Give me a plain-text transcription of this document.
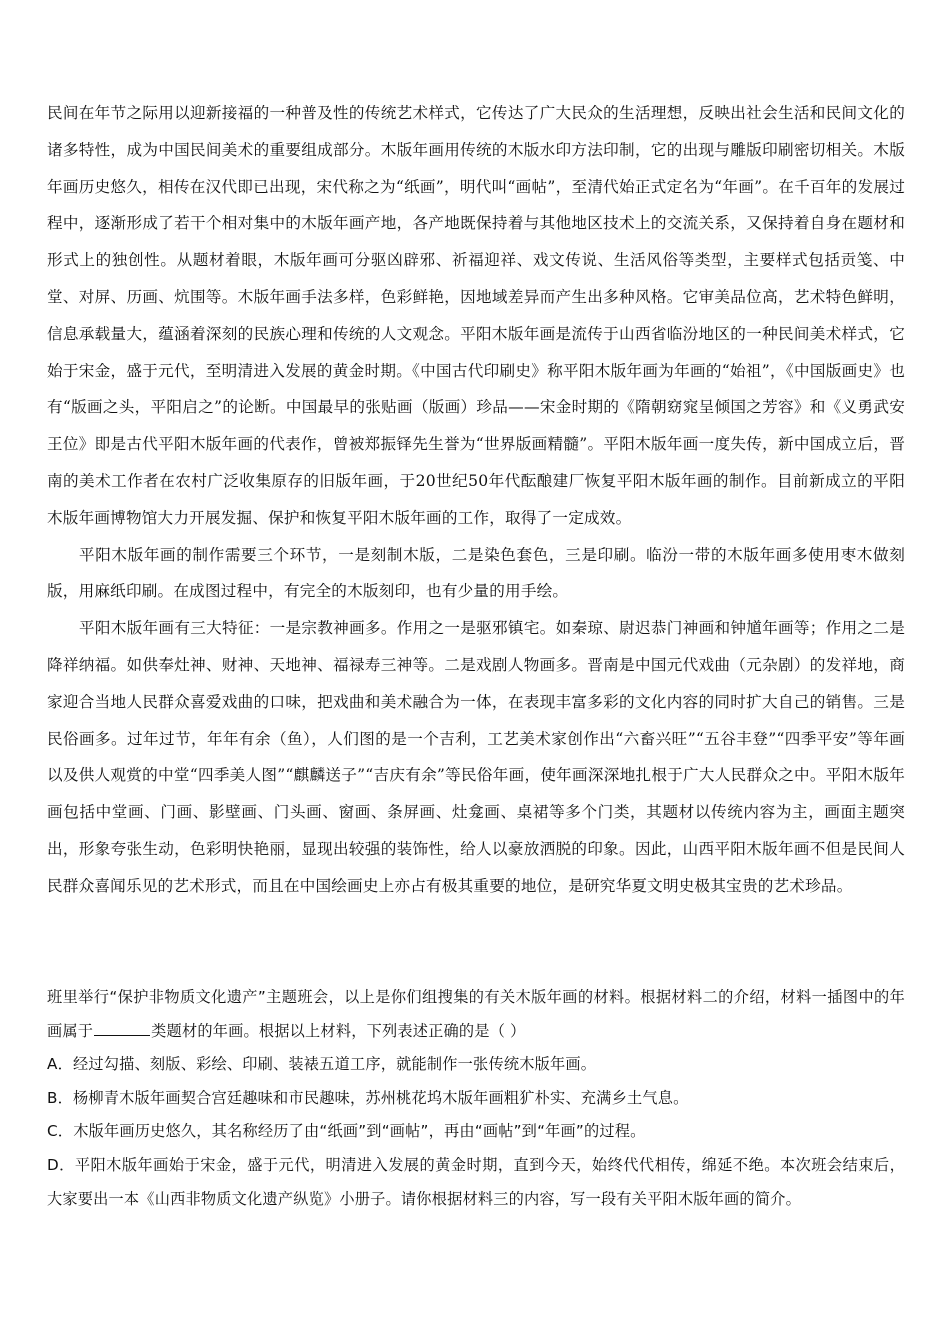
民间在年节之际用以迎新接福的一种普及性的传统艺术样式，它传达了广大民众的生活理想，反映出社会生活和民间文化的诸多特性，成为中国民间美术的重要组成部分。木版年画用传统的木版水印方法印制，它的出现与雕版印刷密切相关。木版年画历史悠久，相传在汉代即已出现，宋代称之为“纸画”，明代叫“画帖”，至清代始正式定名为“年画”。在千百年的发展过程中，逐渐形成了若干个相对集中的木版年画产地，各产地既保持着与其他地区技术上的交流关系，又保持着自身在题材和形式上的独创性。从题材着眼，木版年画可分驱凶辟邪、祈福迎祥、戏文传说、生活风俗等类型，主要样式包括贡笺、中堂、对屏、历画、炕围等。木版年画手法多样，色彩鲜艳，因地域差异而产生出多种风格。它审美品位高，艺术特色鲜明，信息承载量大，蕴涵着深刻的民族心理和传统的人文观念。平阳木版年画是流传于山西省临汾地区的一种民间美术样式，它始于宋金，盛于元代，至明清进入发展的黄金时期。《中国古代印刷史》称平阳木版年画为年画的“始祖”，《中国版画史》也有“版画之头，平阳启之”的论断。中国最早的张贴画（版画）珍品——宋金时期的《隋朝窈窕呈倾国之芳容》和《义勇武安王位》即是古代平阳木版年画的代表作，曾被郑振铎先生誉为“世界版画精髓”。平阳木版年画一度失传，新中国成立后，晋南的美术工作者在农村广泛收集原存的旧版年画，于20世纪50年代酝酿建厂恢复平阳木版年画的制作。目前新成立的平阳木版年画博物馆大力开展发掘、保护和恢复平阳木版年画的工作，取得了一定成效。

平阳木版年画的制作需要三个环节，一是刻制木版，二是染色套色，三是印刷。临汾一带的木版年画多使用枣木做刻版，用麻纸印刷。在成图过程中，有完全的木版刻印，也有少量的用手绘。

平阳木版年画有三大特征：一是宗教神画多。作用之一是驱邪镇宅。如秦琼、尉迟恭门神画和钟馗年画等；作用之二是降祥纳福。如供奉灶神、财神、天地神、福禄寿三神等。二是戏剧人物画多。晋南是中国元代戏曲（元杂剧）的发祥地，商家迎合当地人民群众喜爱戏曲的口味，把戏曲和美术融合为一体，在表现丰富多彩的文化内容的同时扩大自己的销售。三是民俗画多。过年过节，年年有余（鱼），人们图的是一个吉利，工艺美术家创作出“六畜兴旺”“五谷丰登”“四季平安”等年画以及供人观赏的中堂“四季美人图”“麒麟送子”“吉庆有余”等民俗年画，使年画深深地扎根于广大人民群众之中。平阳木版年画包括中堂画、门画、影壁画、门头画、窗画、条屏画、灶龛画、桌裙等多个门类，其题材以传统内容为主，画面主题突出，形象夸张生动，色彩明快艳丽，显现出较强的装饰性，给人以豪放洒脱的印象。因此，山西平阳木版年画不但是民间人民群众喜闻乐见的艺术形式，而且在中国绘画史上亦占有极其重要的地位，是研究华夏文明史极其宝贵的艺术珍品。

班里举行“保护非物质文化遗产”主题班会，以上是你们组搜集的有关木版年画的材料。根据材料二的介绍，材料一插图中的年画属于	类题材的年画。根据以上材料，下列表述正确的是（ ）

A．经过勾描、刻版、彩绘、印刷、装裱五道工序，就能制作一张传统木版年画。

B．杨柳青木版年画契合宫廷趣味和市民趣味，苏州桃花坞木版年画粗犷朴实、充满乡土气息。

C．木版年画历史悠久，其名称经历了由“纸画”到“画帖”，再由“画帖”到“年画”的过程。

D．平阳木版年画始于宋金，盛于元代，明清进入发展的黄金时期，直到今天，始终代代相传，绵延不绝。本次班会结束后，大家要出一本《山西非物质文化遗产纵览》小册子。请你根据材料三的内容，写一段有关平阳木版年画的简介。
